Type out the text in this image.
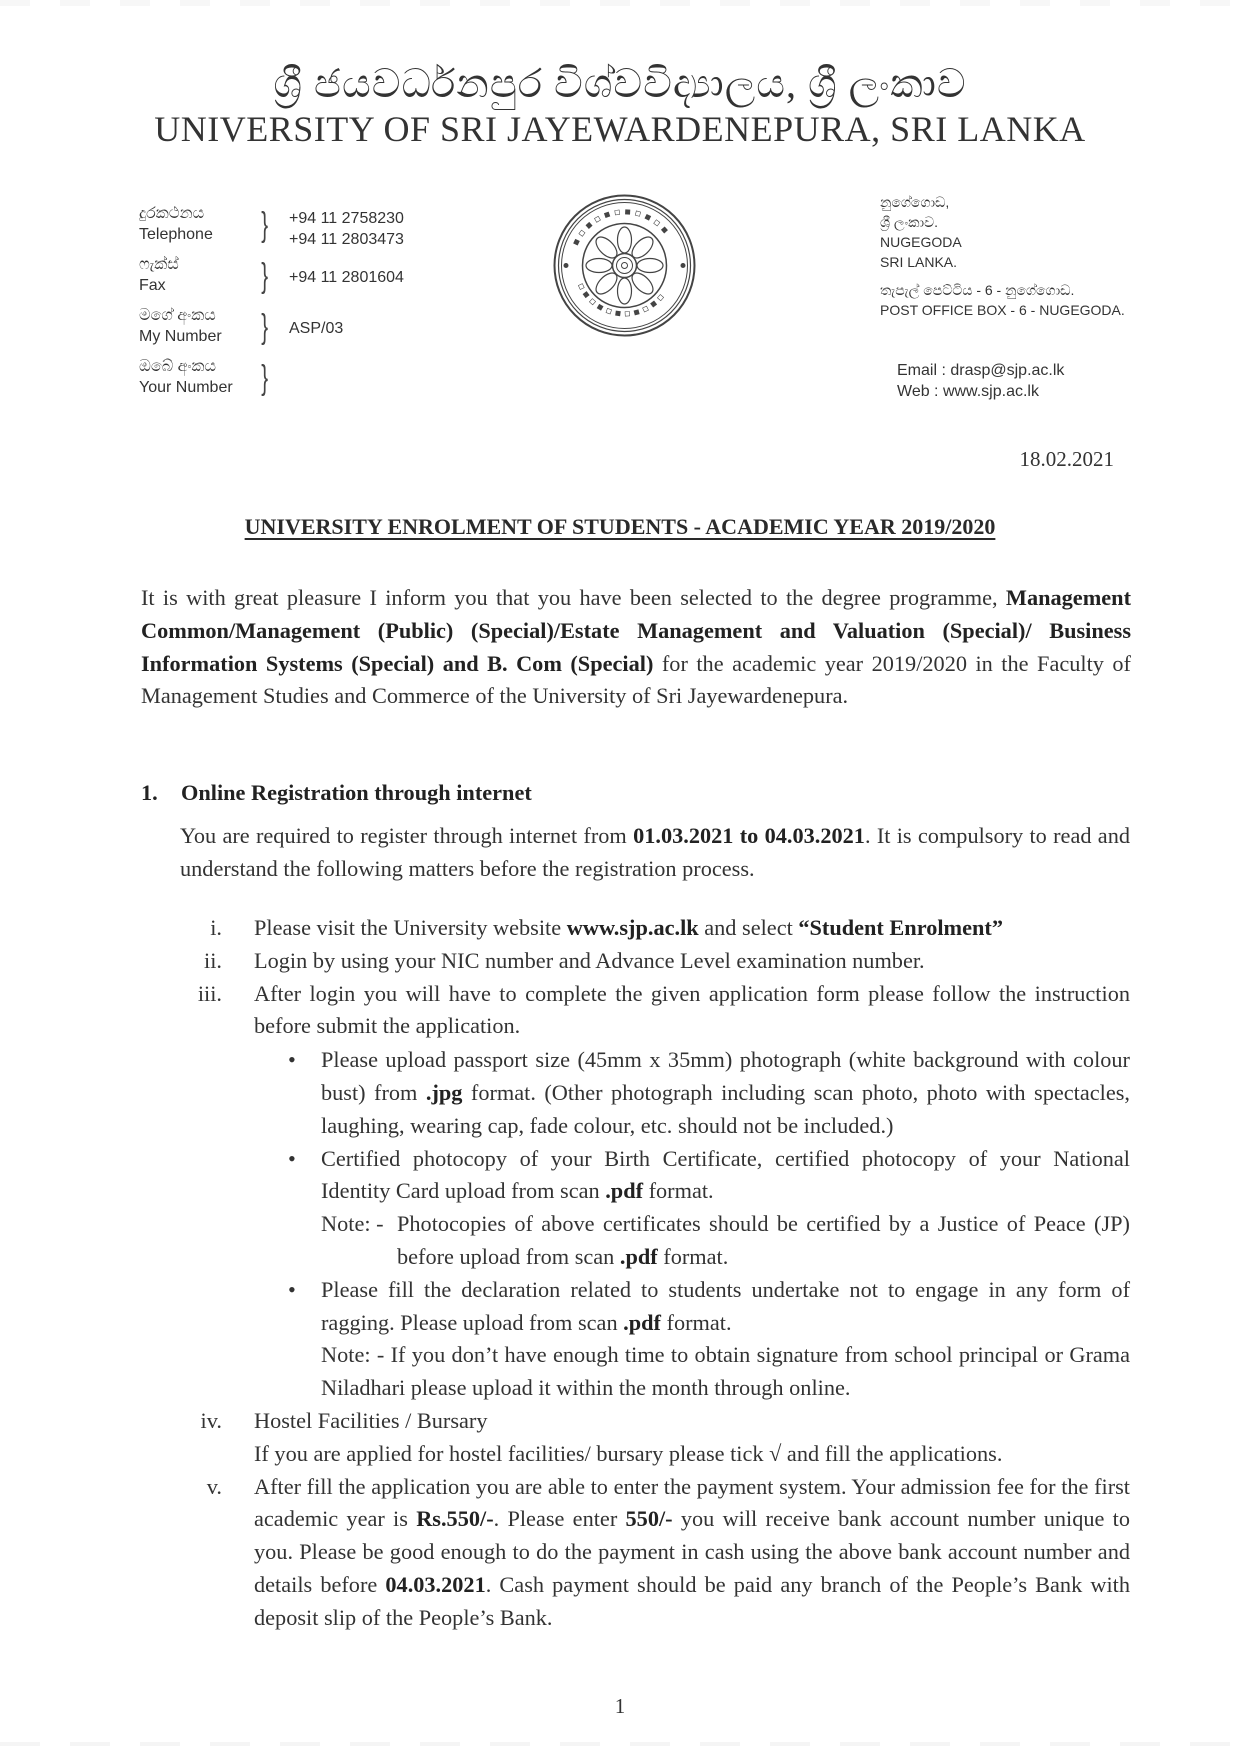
ශ්‍රී ජයවර්ධනපුර විශ්වවිද්‍යාලය, ශ්‍රී ලංකාව
UNIVERSITY OF SRI JAYEWARDENEPURA, SRI LANKA
දුරකථනය
Telephone	} +94 11 2758230
+94 11 2803473
ෆැක්ස්
Fax	} +94 11 2801604
මගේ අංකය
My Number	} ASP/03
ඔබේ අංකය
Your Number }
▪︎ ▫︎ ▪︎ ▫︎ ▪︎ ▫︎ ▪︎ ▫︎ ▪︎ ▫︎ ▪︎
▫︎ ▪︎ ▫︎ ▪︎ ▫︎ ▪︎ ▫︎ ▪︎ ▫︎ ▪︎ ▫︎
නුගේගොඩ,
ශ්‍රී ලංකාව.
NUGEGODA
SRI LANKA.
තැපැල් පෙට්ටිය - 6 - නුගේගොඩ.
POST OFFICE BOX - 6 - NUGEGODA.
Email : drasp@sjp.ac.lk
Web : www.sjp.ac.lk
18.02.2021
UNIVERSITY ENROLMENT OF STUDENTS - ACADEMIC YEAR 2019/2020
It is with great pleasure I inform you that you have been selected to the degree programme, Management Common/Management (Public) (Special)/Estate Management and Valuation (Special)/ Business Information Systems (Special) and B. Com (Special) for the academic year 2019/2020 in the Faculty of Management Studies and Commerce of the University of Sri Jayewardenepura.
1. Online Registration through internet
You are required to register through internet from 01.03.2021 to 04.03.2021. It is compulsory to read and understand the following matters before the registration process.
i. Please visit the University website www.sjp.ac.lk and select “Student Enrolment”
ii. Login by using your NIC number and Advance Level examination number.
iii. After login you will have to complete the given application form please follow the instruction before submit the application.
• Please upload passport size (45mm x 35mm) photograph (white background with colour bust) from .jpg format. (Other photograph including scan photo, photo with spectacles, laughing, wearing cap, fade colour, etc. should not be included.)
• Certified photocopy of your Birth Certificate, certified photocopy of your National Identity Card upload from scan .pdf format.
Note: - Photocopies of above certificates should be certified by a Justice of Peace (JP) before upload from scan .pdf format.
• Please fill the declaration related to students undertake not to engage in any form of ragging. Please upload from scan .pdf format.
Note: - If you don’t have enough time to obtain signature from school principal or Grama Niladhari please upload it within the month through online.
iv. Hostel Facilities / Bursary
If you are applied for hostel facilities/ bursary please tick √ and fill the applications.
v. After fill the application you are able to enter the payment system. Your admission fee for the first academic year is Rs.550/-. Please enter 550/- you will receive bank account number unique to you. Please be good enough to do the payment in cash using the above bank account number and details before 04.03.2021. Cash payment should be paid any branch of the People’s Bank with deposit slip of the People’s Bank.
1
